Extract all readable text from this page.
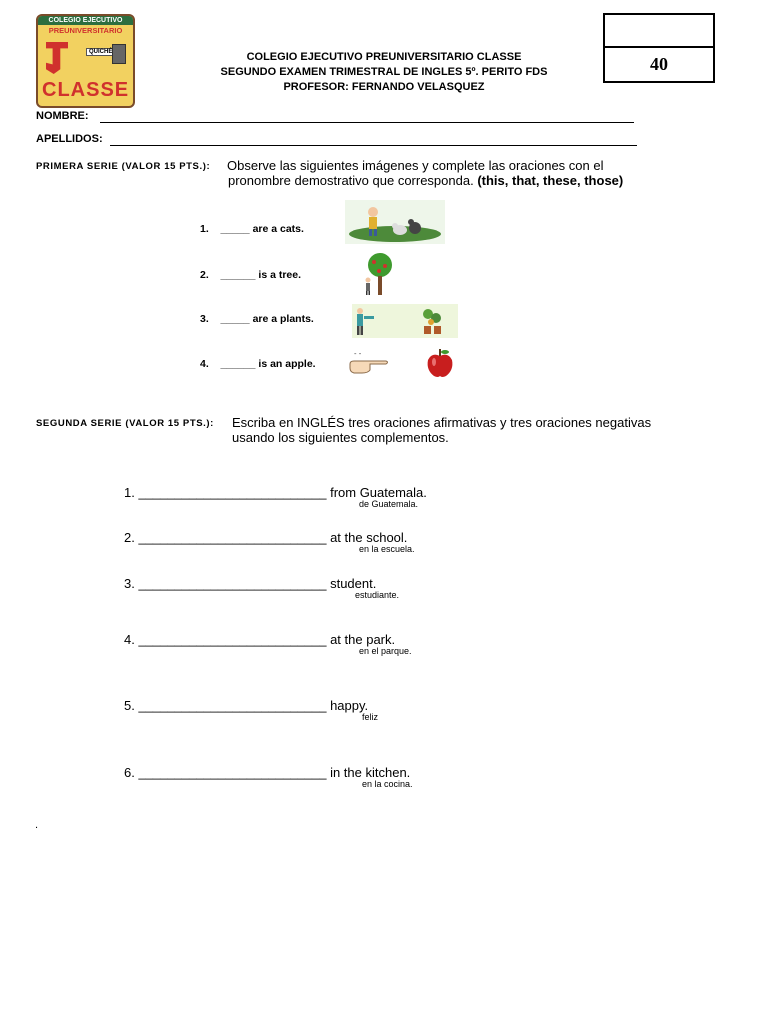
COLEGIO EJECUTIVO
PREUNIVERSITARIO
QUICHÉ
CLASSE
40
COLEGIO EJECUTIVO PREUNIVERSITARIO CLASSE
SEGUNDO EXAMEN TRIMESTRAL DE INGLES 5º. PERITO FDS
PROFESOR: FERNANDO VELASQUEZ
NOMBRE:
APELLIDOS:
PRIMERA SERIE (VALOR 15 PTS.): Observe las siguientes imágenes y complete las oraciones con el
pronombre demostrativo que corresponda. (this, that, these, those)
1. _____ are a cats.
2. ______ is a tree.
3. _____ are a plants.
4. ______ is an apple.
- -
SEGUNDA SERIE (VALOR 15 PTS.): Escriba en INGLÉS tres oraciones afirmativas y tres oraciones negativas
usando los siguientes complementos.
1. __________________________ from Guatemala.
de Guatemala.
2. __________________________ at the school.
en la escuela.
3. __________________________ student.
estudiante.
4. __________________________ at the park.
en el parque.
5. __________________________ happy.
feliz
6. __________________________ in the kitchen.
en la cocina.
.
